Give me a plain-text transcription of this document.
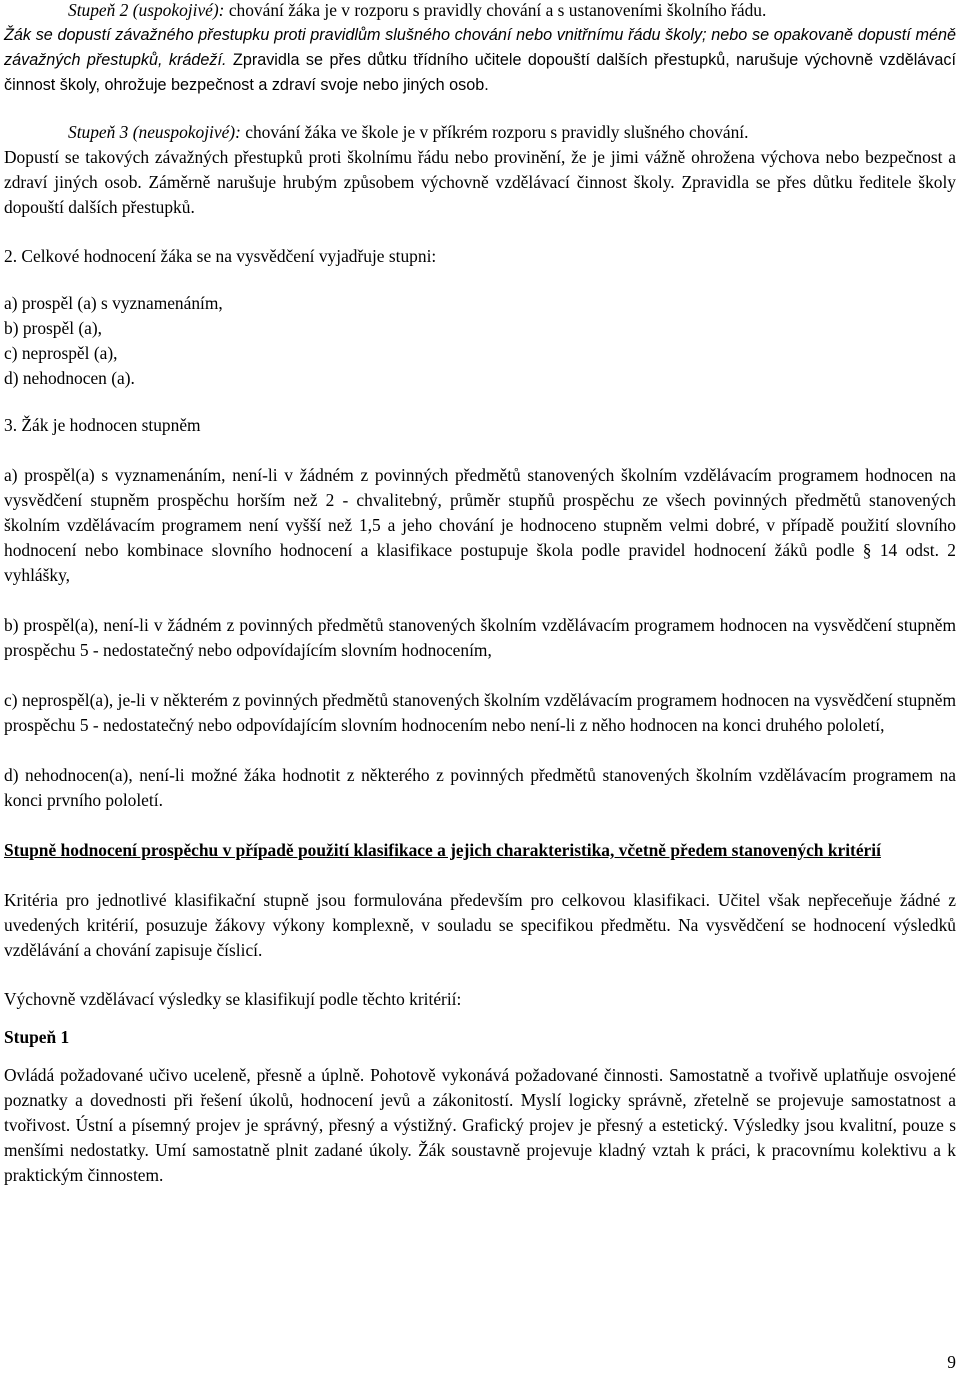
Stupeň 2 (uspokojivé): chování žáka je v rozporu s pravidly chování a s ustanoveními školního řádu.

Žák se dopustí závažného přestupku proti pravidlům slušného chování nebo vnitřnímu řádu školy; nebo se opakovaně dopustí méně závažných přestupků, krádeží. Zpravidla se přes důtku třídního učitele dopouští dalších přestupků, narušuje výchovně vzdělávací činnost školy, ohrožuje bezpečnost a zdraví svoje nebo jiných osob.

Stupeň 3 (neuspokojivé): chování žáka ve škole je v příkrém rozporu s pravidly slušného chování.

Dopustí se takových závažných přestupků proti školnímu řádu nebo provinění, že je jimi vážně ohrožena výchova nebo bezpečnost a zdraví jiných osob. Záměrně narušuje hrubým způsobem výchovně vzdělávací činnost školy. Zpravidla se přes důtku ředitele školy dopouští dalších přestupků.

2. Celkové hodnocení žáka se na vysvědčení vyjadřuje stupni:

a) prospěl (a) s vyznamenáním,

b) prospěl (a),

c) neprospěl (a),

d) nehodnocen (a).

3. Žák je hodnocen stupněm

a) prospěl(a) s vyznamenáním, není-li v žádném z povinných předmětů stanovených školním vzdělávacím programem hodnocen na vysvědčení stupněm prospěchu horším než 2 - chvalitebný, průměr stupňů prospěchu ze všech povinných předmětů stanovených školním vzdělávacím programem není vyšší než 1,5 a jeho chování je hodnoceno stupněm velmi dobré, v případě použití slovního hodnocení nebo kombinace slovního hodnocení a klasifikace postupuje škola podle pravidel hodnocení žáků podle § 14 odst. 2 vyhlášky,

b) prospěl(a), není-li v žádném z povinných předmětů stanovených školním vzdělávacím programem hodnocen na vysvědčení stupněm prospěchu 5 - nedostatečný nebo odpovídajícím slovním hodnocením,

c) neprospěl(a), je-li v některém z povinných předmětů stanovených školním vzdělávacím programem hodnocen na vysvědčení stupněm prospěchu 5 - nedostatečný nebo odpovídajícím slovním hodnocením nebo není-li z něho hodnocen na konci druhého pololetí,

d) nehodnocen(a), není-li možné žáka hodnotit z některého z povinných předmětů stanovených školním vzdělávacím programem na konci prvního pololetí.

Stupně hodnocení prospěchu v případě použití klasifikace a jejich charakteristika, včetně předem stanovených kritérií

Kritéria pro jednotlivé klasifikační stupně jsou formulována především pro celkovou klasifikaci. Učitel však nepřeceňuje žádné z uvedených kritérií, posuzuje žákovy výkony komplexně, v souladu se specifikou předmětu. Na vysvědčení se hodnocení výsledků vzdělávání a chování zapisuje číslicí.

Výchovně vzdělávací výsledky se klasifikují podle těchto kritérií:

Stupeň 1

Ovládá požadované učivo uceleně, přesně a úplně. Pohotově vykonává požadované činnosti. Samostatně a tvořivě uplatňuje osvojené poznatky a dovednosti při řešení úkolů, hodnocení jevů a zákonitostí. Myslí logicky správně, zřetelně se projevuje samostatnost a tvořivost. Ústní a písemný projev je správný, přesný a výstižný. Grafický projev je přesný a estetický. Výsledky jsou kvalitní, pouze s menšími nedostatky. Umí samostatně plnit zadané úkoly. Žák soustavně projevuje kladný vztah k práci, k pracovnímu kolektivu a k praktickým činnostem.

9
